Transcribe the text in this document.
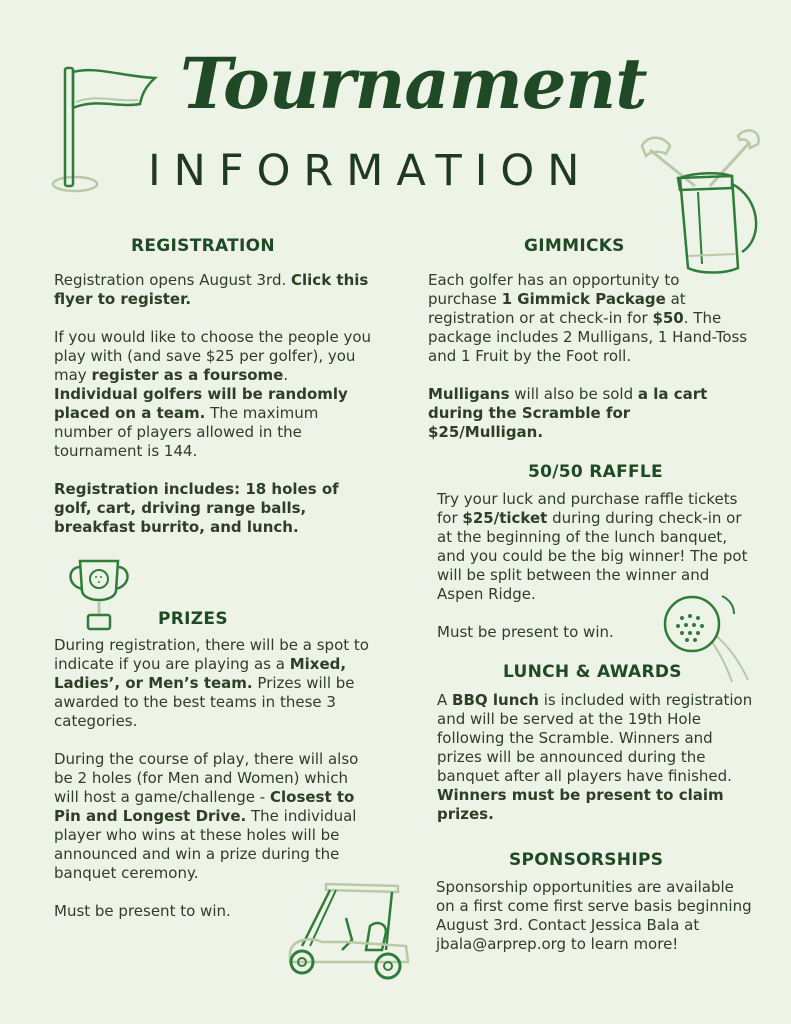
Tournament
INFORMATION
REGISTRATION

Registration opens August 3rd. Click this flyer to register.

If you would like to choose the people you play with (and save $25 per golfer), you may register as a foursome. Individual golfers will be randomly placed on a team. The maximum number of players allowed in the tournament is 144.

Registration includes: 18 holes of golf, cart, driving range balls, breakfast burrito, and lunch.

PRIZES

During registration, there will be a spot to indicate if you are playing as a Mixed, Ladies’, or Men’s team. Prizes will be awarded to the best teams in these 3 categories.

During the course of play, there will also be 2 holes (for Men and Women) which will host a game/challenge - Closest to Pin and Longest Drive. The individual player who wins at these holes will be announced and win a prize during the banquet ceremony.

Must be present to win.

GIMMICKS

Each golfer has an opportunity to purchase 1 Gimmick Package at registration or at check-in for $50. The package includes 2 Mulligans, 1 Hand-Toss and 1 Fruit by the Foot roll.

Mulligans will also be sold a la cart during the Scramble for $25/Mulligan.

50/50 RAFFLE

Try your luck and purchase raffle tickets for $25/ticket during during check-in or at the beginning of the lunch banquet, and you could be the big winner! The pot will be split between the winner and Aspen Ridge.

Must be present to win.

LUNCH & AWARDS

A BBQ lunch is included with registration and will be served at the 19th Hole following the Scramble. Winners and prizes will be announced during the banquet after all players have finished. Winners must be present to claim prizes.

SPONSORSHIPS

Sponsorship opportunities are available on a first come first serve basis beginning August 3rd. Contact Jessica Bala at jbala@arprep.org to learn more!
